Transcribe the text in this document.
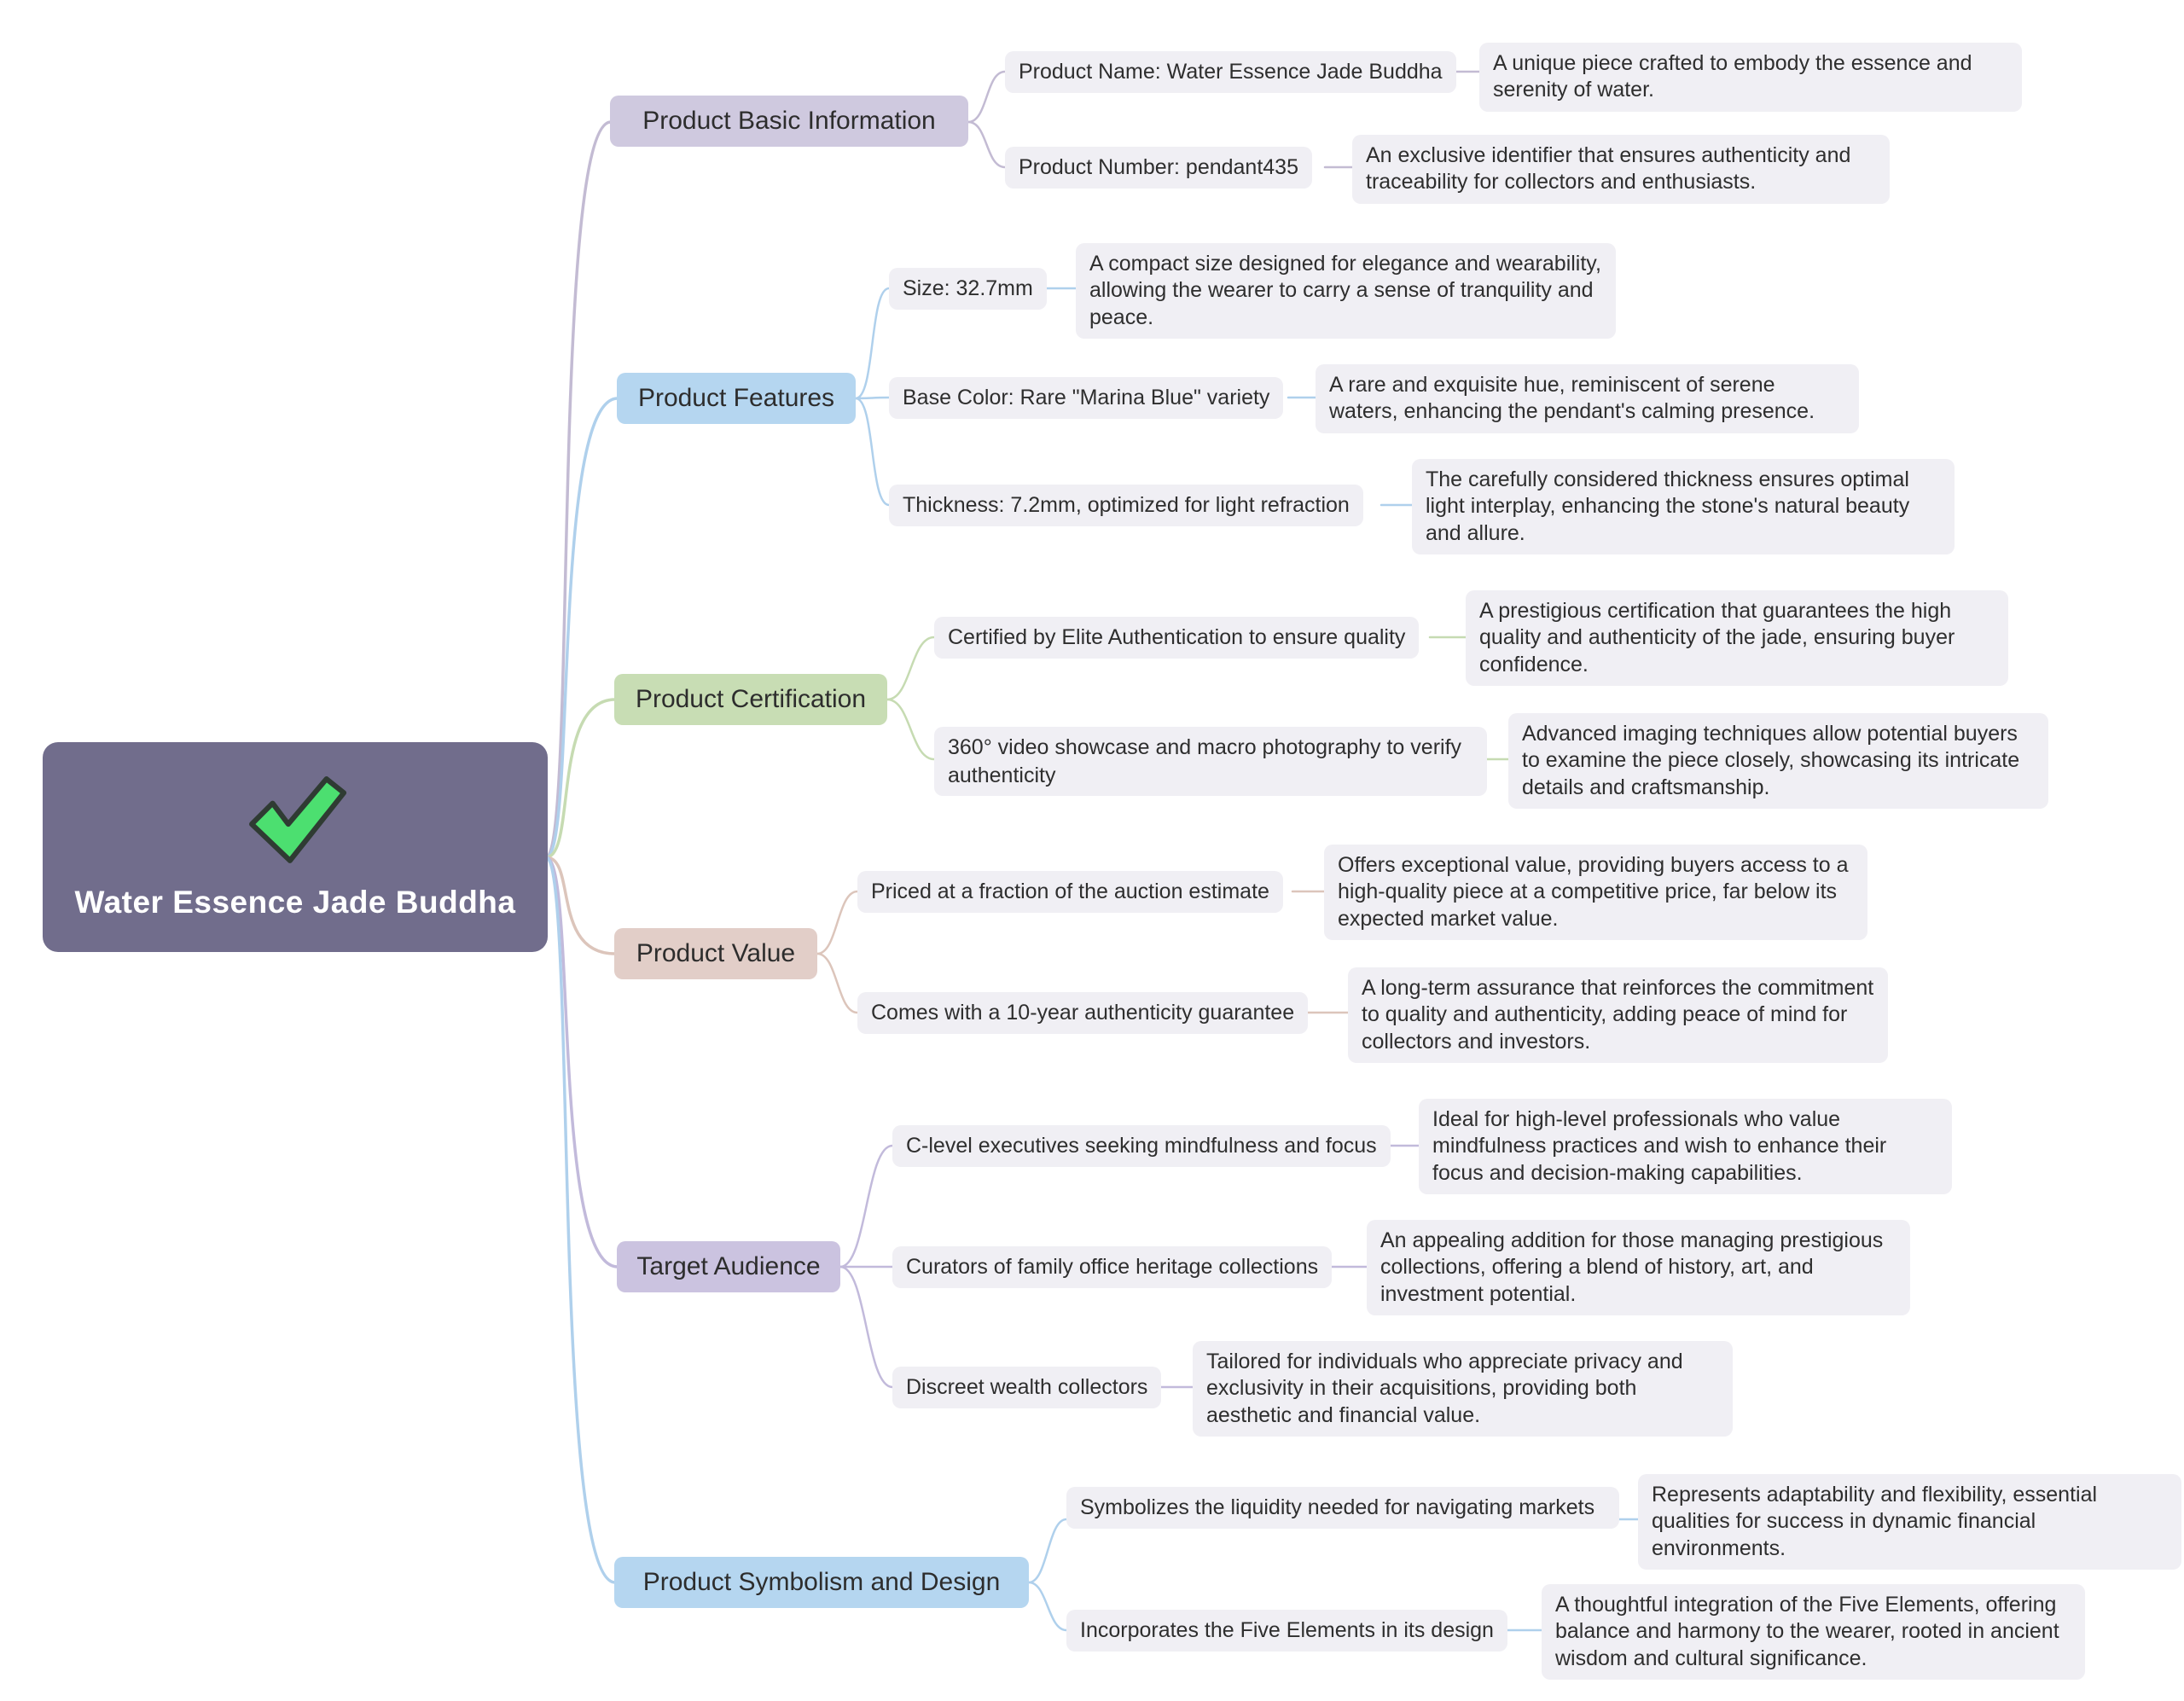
Water Essence Jade Buddha
Product Basic Information
Product Name: Water Essence Jade Buddha	A unique piece crafted to embody the essence and serenity of water.
Product Number: pendant435	An exclusive identifier that ensures authenticity and traceability for collectors and enthusiasts.
Product Features
Size: 32.7mm
A compact size designed for elegance and wearability, allowing the wearer to carry a sense of tranquility and peace.
Base Color: Rare "Marina Blue" variety
A rare and exquisite hue, reminiscent of serene waters, enhancing the pendant's calming presence.
Thickness: 7.2mm, optimized for light refraction
The carefully considered thickness ensures optimal light interplay, enhancing the stone's natural beauty and allure.
Product Certification
Certified by Elite Authentication to ensure quality
A prestigious certification that guarantees the high quality and authenticity of the jade, ensuring buyer confidence.
360° video showcase and macro photography to verify authenticity
Advanced imaging techniques allow potential buyers to examine the piece closely, showcasing its intricate details and craftsmanship.
Product Value
Priced at a fraction of the auction estimate
Offers exceptional value, providing buyers access to a high-quality piece at a competitive price, far below its expected market value.
Comes with a 10-year authenticity guarantee
A long-term assurance that reinforces the commitment to quality and authenticity, adding peace of mind for collectors and investors.
Target Audience
C-level executives seeking mindfulness and focus
Ideal for high-level professionals who value mindfulness practices and wish to enhance their focus and decision-making capabilities.
Curators of family office heritage collections
An appealing addition for those managing prestigious collections, offering a blend of history, art, and investment potential.
Discreet wealth collectors
Tailored for individuals who appreciate privacy and exclusivity in their acquisitions, providing both aesthetic and financial value.
Product Symbolism and Design
Symbolizes the liquidity needed for navigating markets
Represents adaptability and flexibility, essential qualities for success in dynamic financial environments.
Incorporates the Five Elements in its design
A thoughtful integration of the Five Elements, offering balance and harmony to the wearer, rooted in ancient wisdom and cultural significance.
